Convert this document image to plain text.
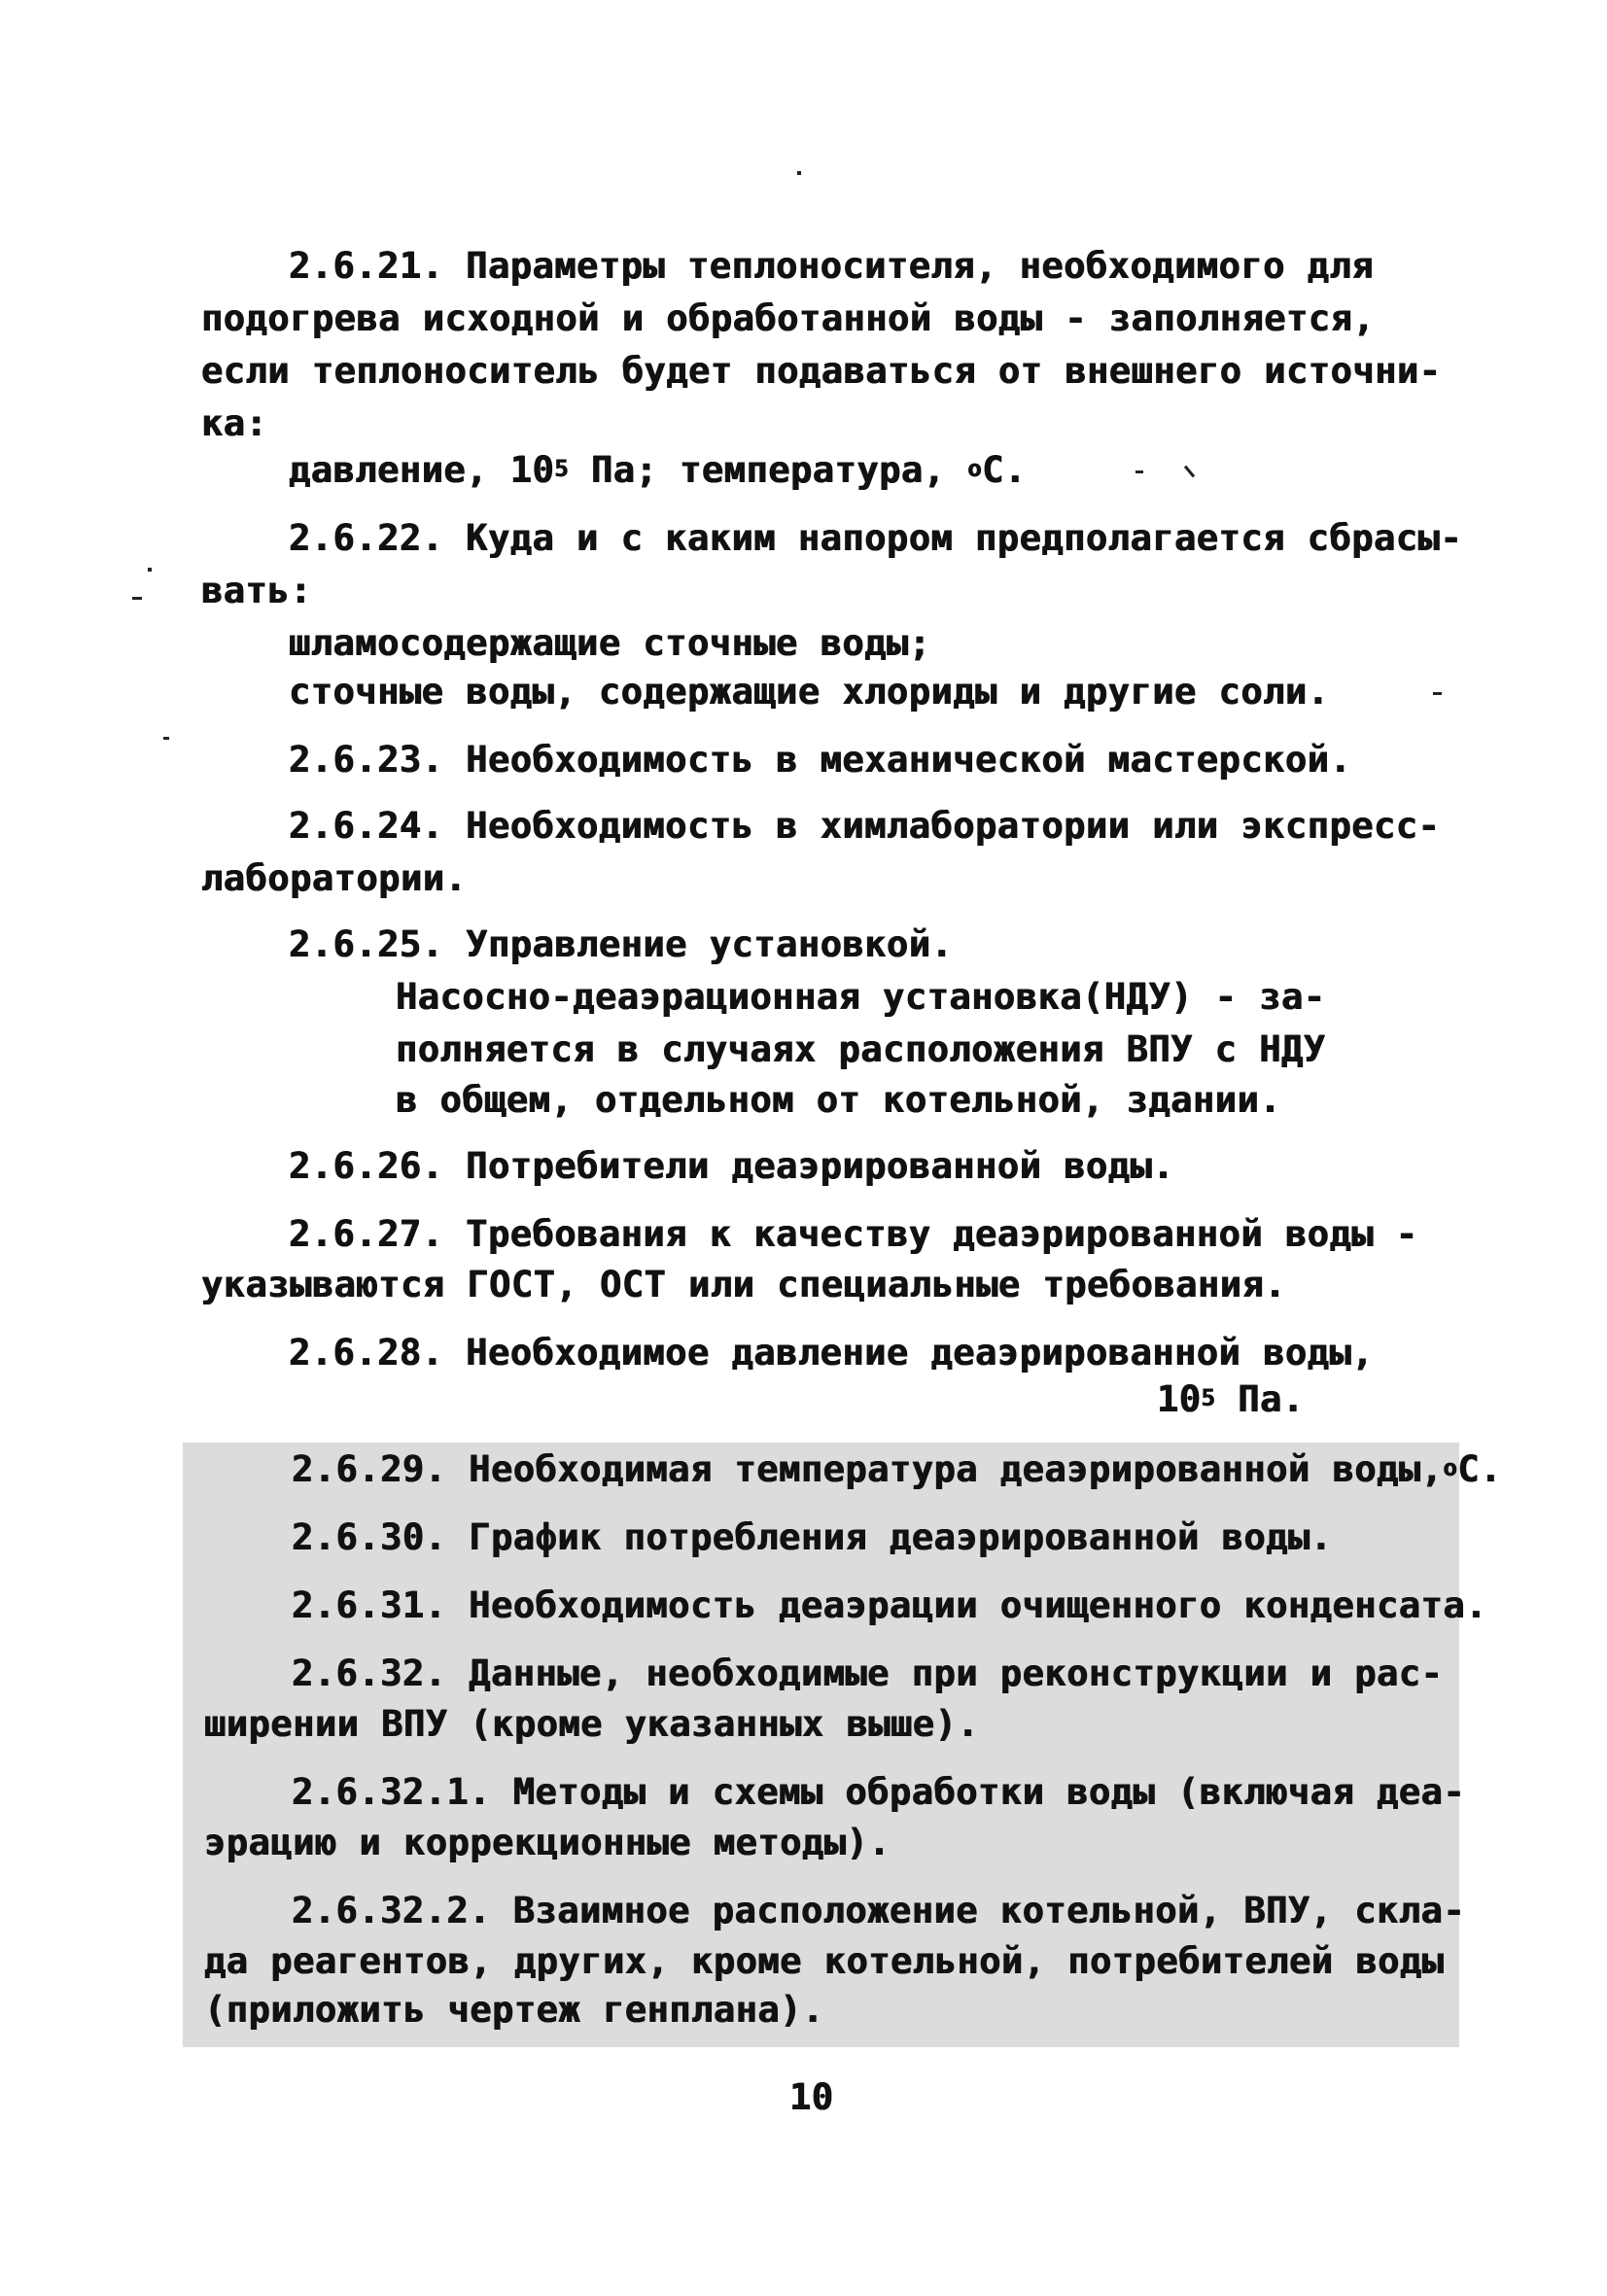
2.6.21. Параметры теплоносителя, необходимого для
подогрева исходной и обработанной воды - заполняется,
если теплоноситель будет подаваться от внешнего источни-
ка:
давление, $10^5$ Па; температура, $^о$С.
2.6.22. Куда и с каким напором предполагается сбрасы-
вать:
шламосодержащие сточные воды;
сточные воды, содержащие хлориды и другие соли.
2.6.23. Необходимость в механической мастерской.
2.6.24. Необходимость в химлаборатории или экспресс-
лаборатории.
2.6.25. Управление установкой.
Насосно-деаэрационная установка(НДУ) - за-
полняется в случаях расположения ВПУ с НДУ
в общем, отдельном от котельной, здании.
2.6.26. Потребители деаэрированной воды.
2.6.27. Требования к качеству деаэрированной воды -
указываются ГОСТ, ОСТ или специальные требования.
2.6.28. Необходимое давление деаэрированной воды,
$10^5$ Па.
2.6.29. Необходимая температура деаэрированной воды,$^о$С.
2.6.30. График потребления деаэрированной воды.
2.6.31. Необходимость деаэрации очищенного конденсата.
2.6.32. Данные, необходимые при реконструкции и рас-
ширении ВПУ (кроме указанных выше).
2.6.32.1. Методы и схемы обработки воды (включая деа-
эрацию и коррекционные методы).
2.6.32.2. Взаимное расположение котельной, ВПУ, скла-
да реагентов, других, кроме котельной, потребителей воды
(приложить чертеж генплана).
10
